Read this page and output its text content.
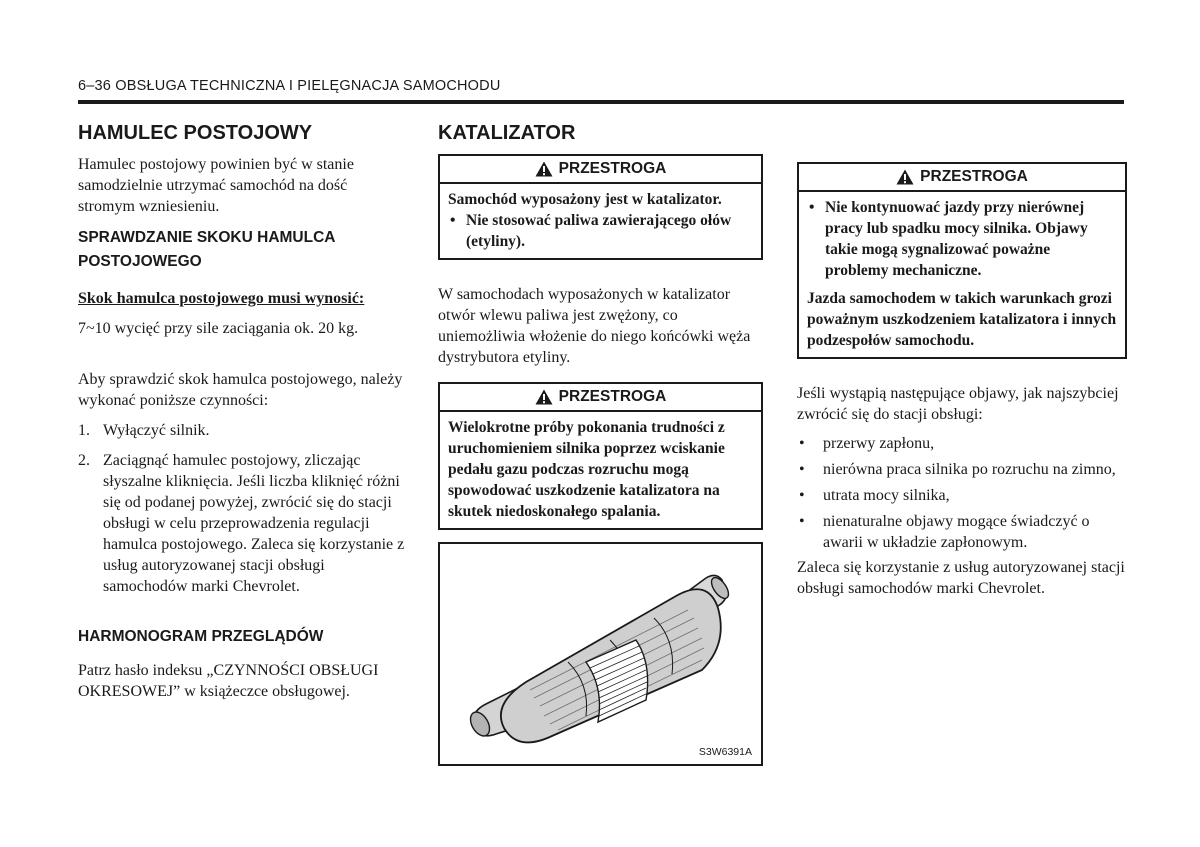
6–36 OBSŁUGA TECHNICZNA I PIELĘGNACJA SAMOCHODU
HAMULEC POSTOJOWY

Hamulec postojowy powinien być w stanie samodzielnie utrzymać samochód na dość stromym wzniesieniu.

SPRAWDZANIE SKOKU HAMULCA POSTOJOWEGO
Skok hamulca postojowego musi wynosić:

7~10 wycięć przy sile zaciągania ok. 20 kg.

Aby sprawdzić skok hamulca postojowego, należy wykonać poniższe czynności:

1. Wyłączyć silnik.
2. Zaciągnąć hamulec postojowy, zliczając słyszalne kliknięcia. Jeśli liczba kliknięć różni się od podanej powyżej, zwrócić się do stacji obsługi w celu przeprowadzenia regulacji hamulca postojowego. Zaleca się korzystanie z usług autoryzowanej stacji obsługi samochodów marki Chevrolet.
HARMONOGRAM PRZEGLĄDÓW

Patrz hasło indeksu „CZYNNOŚCI OBSŁUGI OKRESOWEJ” w książeczce obsługowej.

KATALIZATOR
PRZESTROGA
Samochód wyposażony jest w katalizator.
• Nie stosować paliwa zawierającego ołów (etyliny).

W samochodach wyposażonych w katalizator otwór wlewu paliwa jest zwężony, co uniemożliwia włożenie do niego końcówki węża dystrybutora etyliny.

PRZESTROGA
Wielokrotne próby pokonania trudności z uruchomieniem silnika poprzez wciskanie pedału gazu podczas rozruchu mogą spowodować uszkodzenie katalizatora na skutek niedoskonałego spalania.
S3W6391A
PRZESTROGA
• Nie kontynuować jazdy przy nierównej pracy lub spadku mocy silnika. Objawy takie mogą sygnalizować poważne problemy mechaniczne.
Jazda samochodem w takich warunkach grozi poważnym uszkodzeniem katalizatora i innych podzespołów samochodu.

Jeśli wystąpią następujące objawy, jak najszybciej zwrócić się do stacji obsługi:

• przerwy zapłonu,
• nierówna praca silnika po rozruchu na zimno,
• utrata mocy silnika,
• nienaturalne objawy mogące świadczyć o awarii w układzie zapłonowym.

Zaleca się korzystanie z usług autoryzowanej stacji obsługi samochodów marki Chevrolet.
